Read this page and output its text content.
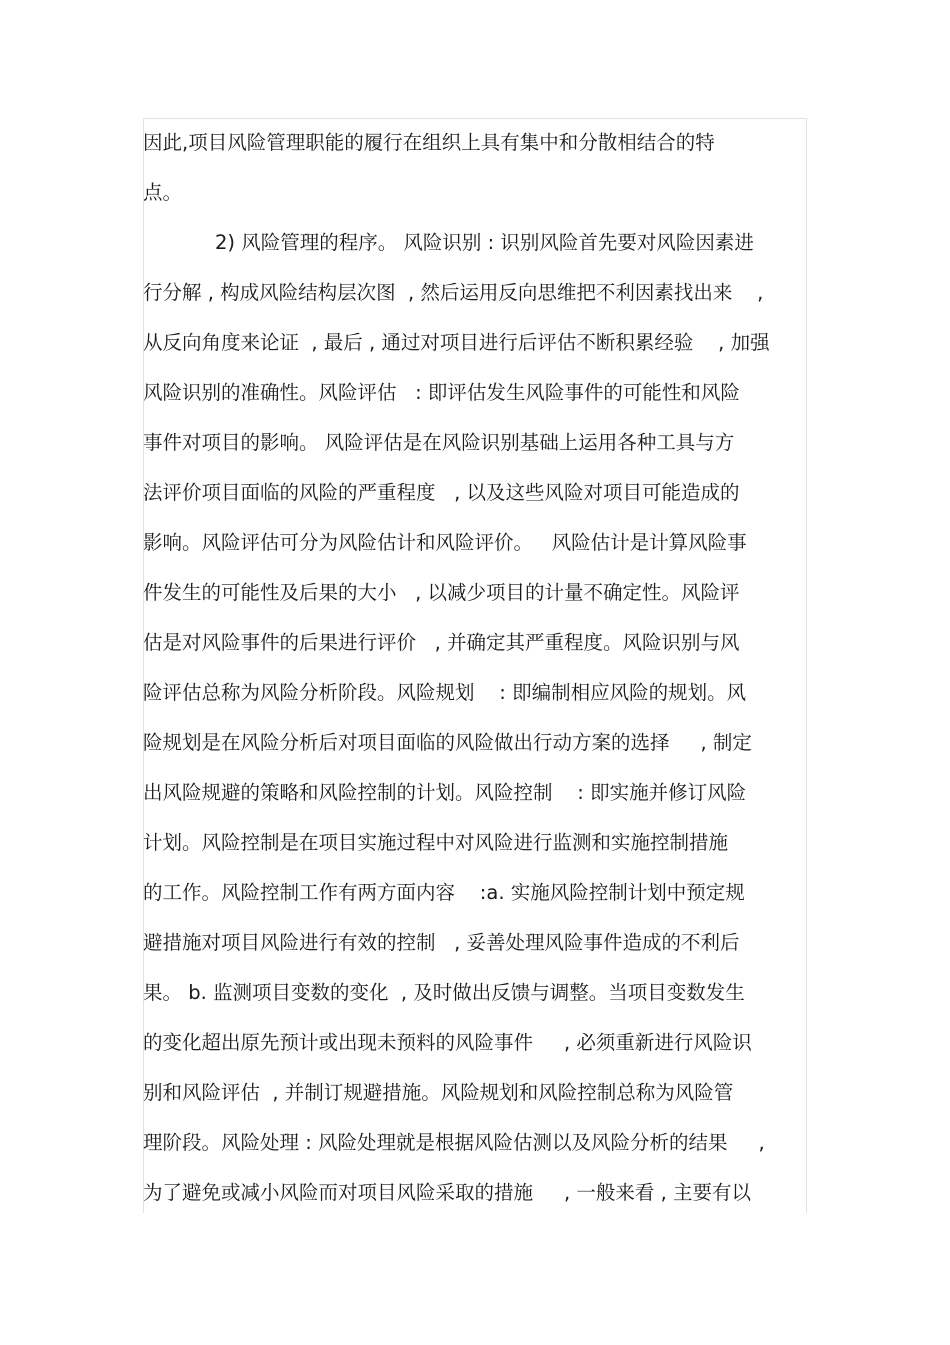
因此,项目风险管理职能的履行在组织上具有集中和分散相结合的特
点。
2) 风险管理的程序。 风险识别 : 识别风险首先要对风险因素进
行分解 , 构成风险结构层次图  , 然后运用反向思维把不利因素找出来    ,
从反向角度来论证  , 最后 , 通过对项目进行后评估不断积累经验    , 加强
风险识别的准确性。风险评估   : 即评估发生风险事件的可能性和风险
事件对项目的影响。 风险评估是在风险识别基础上运用各种工具与方
法评价项目面临的风险的严重程度   , 以及这些风险对项目可能造成的
影响。风险评估可分为风险估计和风险评价。   风险估计是计算风险事
件发生的可能性及后果的大小   , 以减少项目的计量不确定性。风险评
估是对风险事件的后果进行评价   , 并确定其严重程度。风险识别与风
险评估总称为风险分析阶段。风险规划    : 即编制相应风险的规划。风
险规划是在风险分析后对项目面临的风险做出行动方案的选择     , 制定
出风险规避的策略和风险控制的计划。风险控制    : 即实施并修订风险
计划。风险控制是在项目实施过程中对风险进行监测和实施控制措施
的工作。风险控制工作有两方面内容    :a. 实施风险控制计划中预定规
避措施对项目风险进行有效的控制   , 妥善处理风险事件造成的不利后
果。 b. 监测项目变数的变化  , 及时做出反馈与调整。当项目变数发生
的变化超出原先预计或出现未预料的风险事件     , 必须重新进行风险识
别和风险评估  , 并制订规避措施。风险规划和风险控制总称为风险管
理阶段。风险处理 : 风险处理就是根据风险估测以及风险分析的结果     ,
为了避免或减小风险而对项目风险采取的措施     , 一般来看 , 主要有以
